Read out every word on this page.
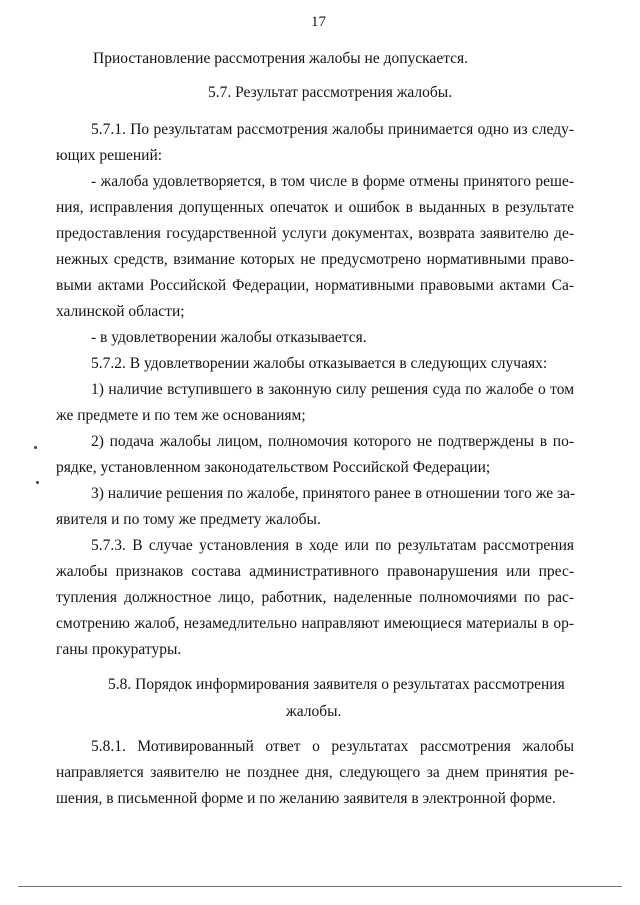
17
Приостановление рассмотрения жалобы не допускается.
5.7. Результат рассмотрения жалобы.
5.7.1. По результатам рассмотрения жалобы принимается одно из следу-
ющих решений:
- жалоба удовлетворяется, в том числе в форме отмены принятого реше-
ния, исправления допущенных опечаток и ошибок в выданных в результате
предоставления государственной услуги документах, возврата заявителю де-
нежных средств, взимание которых не предусмотрено нормативными право-
выми актами Российской Федерации, нормативными правовыми актами Са-
халинской области;
- в удовлетворении жалобы отказывается.
5.7.2. В удовлетворении жалобы отказывается в следующих случаях:
1) наличие вступившего в законную силу решения суда по жалобе о том
же предмете и по тем же основаниям;
2) подача жалобы лицом, полномочия которого не подтверждены в по-
рядке, установленном законодательством Российской Федерации;
3) наличие решения по жалобе, принятого ранее в отношении того же за-
явителя и по тому же предмету жалобы.
5.7.3. В случае установления в ходе или по результатам рассмотрения
жалобы признаков состава административного правонарушения или прес-
тупления должностное лицо, работник, наделенные полномочиями по рас-
смотрению жалоб, незамедлительно направляют имеющиеся материалы в ор-
ганы прокуратуры.
5.8. Порядок информирования заявителя о результатах рассмотрения
жалобы.
5.8.1. Мотивированный ответ о результатах рассмотрения жалобы
направляется заявителю не позднее дня, следующего за днем принятия ре-
шения, в письменной форме и по желанию заявителя в электронной форме.
